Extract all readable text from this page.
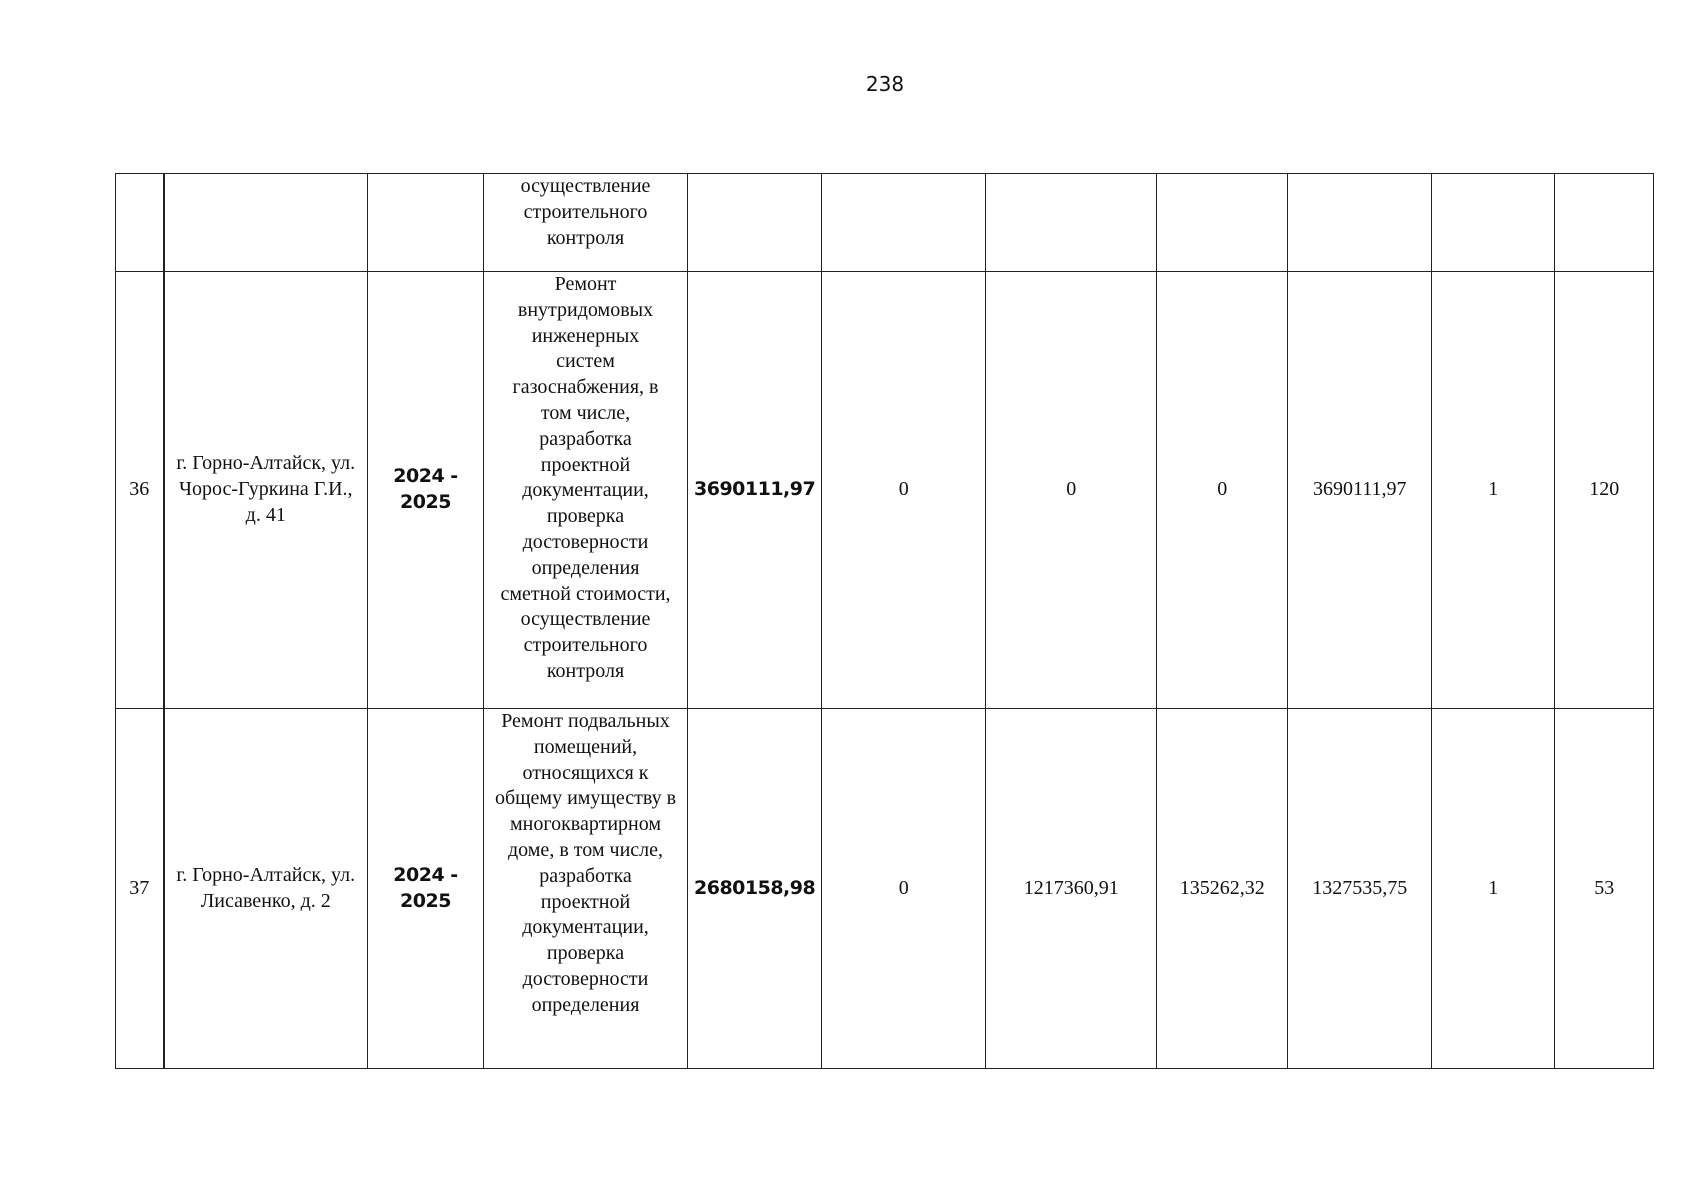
238
			осуществление строительного контроля							
36	г. Горно-Алтайск, ул. Чорос-Гуркина Г.И., д. 41	2024 - 2025	Ремонт внутридомовых инженерных систем газоснабжения, в том числе, разработка проектной документации, проверка достоверности определения сметной стоимости, осуществление строительного контроля	3690111,97	0	0	0	3690111,97	1	120
37	г. Горно-Алтайск, ул. Лисавенко, д. 2	2024 - 2025	Ремонт подвальных помещений, относящихся к общему имуществу в многоквартирном доме, в том числе, разработка проектной документации, проверка достоверности определения	2680158,98	0	1217360,91	135262,32	1327535,75	1	53
